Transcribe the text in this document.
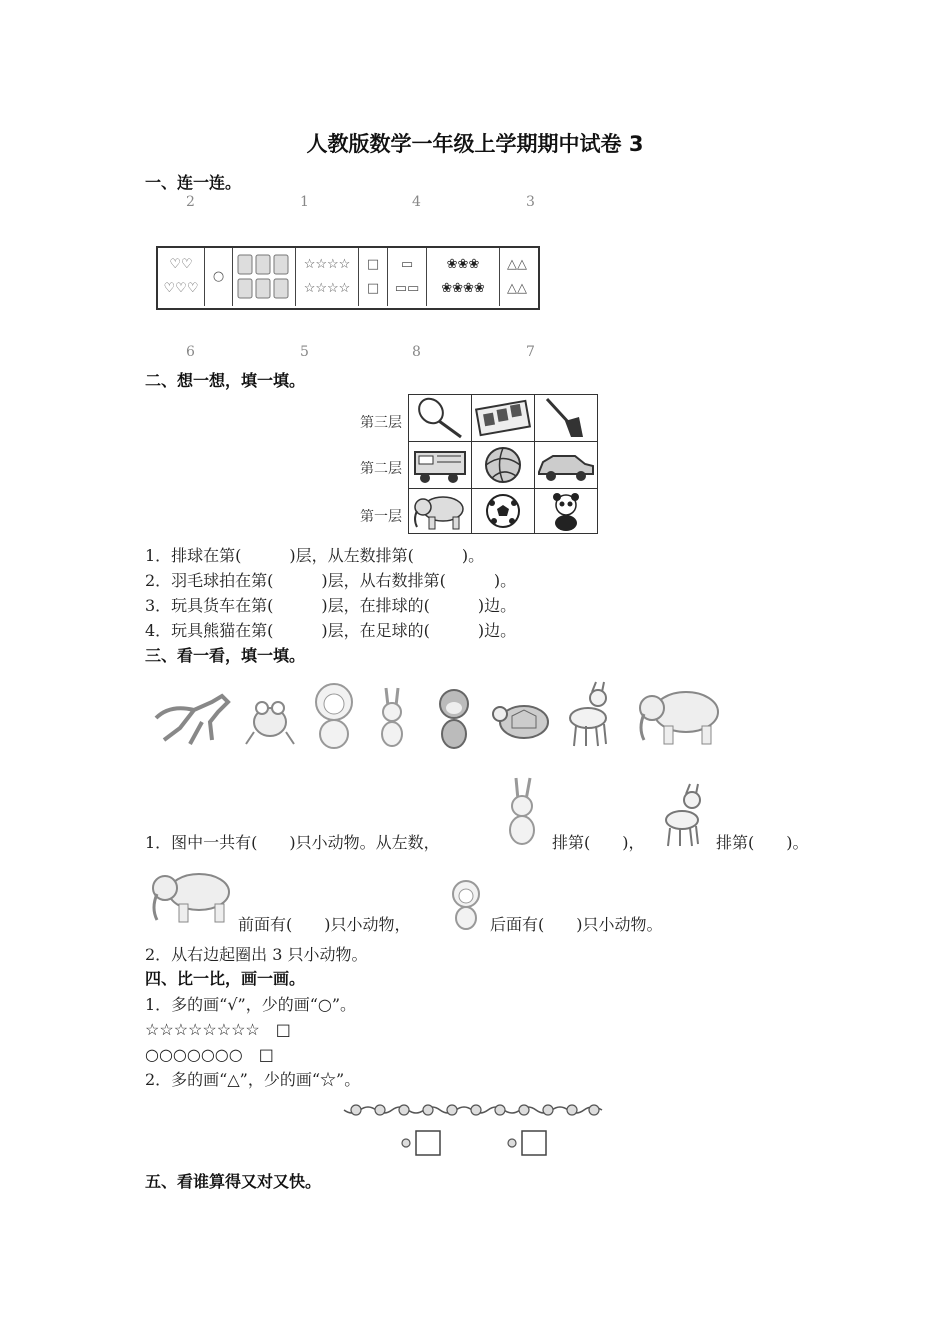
人教版数学一年级上学期期中试卷 3
一、连一连。
2	1	4	3
♡♡
♡♡♡
○
☆☆☆☆
☆☆☆☆
□
□
▭
▭▭
❀❀❀
❀❀❀❀
△△
△△
6	5	8	7
二、想一想，填一填。
第三层
第二层
第一层
1．排球在第(　　　)层，从左数排第(　　　)。
2．羽毛球拍在第(　　　)层，从右数排第(　　　)。
3．玩具货车在第(　　　)层，在排球的(　　　)边。
4．玩具熊猫在第(　　　)层，在足球的(　　　)边。
三、看一看，填一填。
1．图中一共有(　　)只小动物。从左数，	排第(　　)，	排第(　　)。
前面有(　　)只小动物，	后面有(　　)只小动物。
2．从右边起圈出 3 只小动物。
四、比一比，画一画。
1．多的画“√”，少的画“○”。
☆☆☆☆☆☆☆☆　□
○○○○○○○　□
2．多的画“△”，少的画“☆”。
五、看谁算得又对又快。
